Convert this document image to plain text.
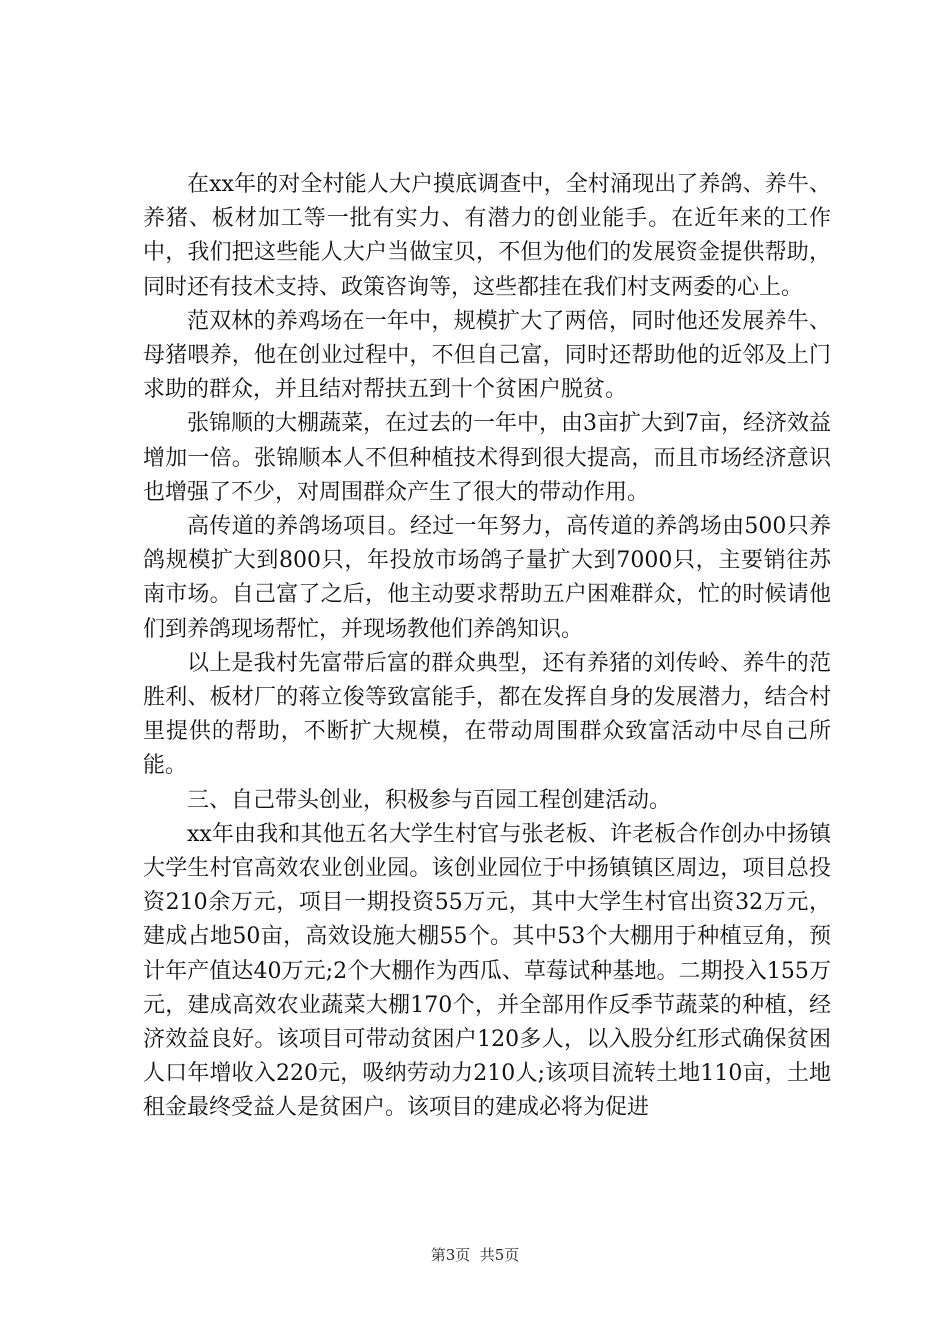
在xx年的对全村能人大户摸底调查中，全村涌现出了养鸽、养牛、养猪、板材加工等一批有实力、有潜力的创业能手。在近年来的工作中，我们把这些能人大户当做宝贝，不但为他们的发展资金提供帮助，同时还有技术支持、政策咨询等，这些都挂在我们村支两委的心上。

范双林的养鸡场在一年中，规模扩大了两倍，同时他还发展养牛、母猪喂养，他在创业过程中，不但自己富，同时还帮助他的近邻及上门求助的群众，并且结对帮扶五到十个贫困户脱贫。

张锦顺的大棚蔬菜，在过去的一年中，由3亩扩大到7亩，经济效益增加一倍。张锦顺本人不但种植技术得到很大提高，而且市场经济意识也增强了不少，对周围群众产生了很大的带动作用。

高传道的养鸽场项目。经过一年努力，高传道的养鸽场由500只养鸽规模扩大到800只，年投放市场鸽子量扩大到7000只，主要销往苏南市场。自己富了之后，他主动要求帮助五户困难群众，忙的时候请他们到养鸽现场帮忙，并现场教他们养鸽知识。

以上是我村先富带后富的群众典型，还有养猪的刘传岭、养牛的范胜利、板材厂的蒋立俊等致富能手，都在发挥自身的发展潜力，结合村里提供的帮助，不断扩大规模，在带动周围群众致富活动中尽自己所能。

三、自己带头创业，积极参与百园工程创建活动。

xx年由我和其他五名大学生村官与张老板、许老板合作创办中扬镇大学生村官高效农业创业园。该创业园位于中扬镇镇区周边，项目总投资210余万元，项目一期投资55万元，其中大学生村官出资32万元，建成占地50亩，高效设施大棚55个。其中53个大棚用于种植豆角，预计年产值达40万元;2个大棚作为西瓜、草莓试种基地。二期投入155万元，建成高效农业蔬菜大棚170个，并全部用作反季节蔬菜的种植，经济效益良好。该项目可带动贫困户120多人，以入股分红形式确保贫困人口年增收入220元，吸纳劳动力210人;该项目流转土地110亩，土地租金最终受益人是贫困户。该项目的建成必将为促进

第3页  共5页
